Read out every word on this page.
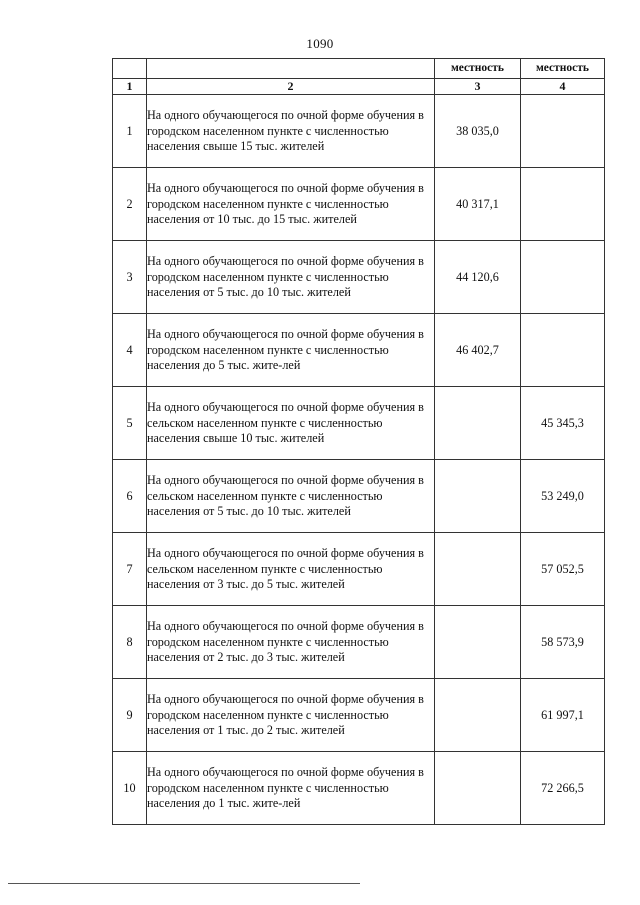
1090
		местность	местность
1	2	3	4
1	На одного обучающегося по очной форме обучения в городском населенном пункте с численностью населения свыше 15 тыс. жителей	38 035,0	
2	На одного обучающегося по очной форме обучения в городском населенном пункте с численностью населения от 10 тыс. до 15 тыс. жителей	40 317,1	
3	На одного обучающегося по очной форме обучения в городском населенном пункте с численностью населения от 5 тыс. до 10 тыс. жителей	44 120,6	
4	На одного обучающегося по очной форме обучения в городском населенном пункте с численностью населения до 5 тыс. жите-лей	46 402,7	
5	На одного обучающегося по очной форме обучения в сельском населенном пункте с численностью населения свыше 10 тыс. жителей		45 345,3
6	На одного обучающегося по очной форме обучения в сельском населенном пункте с численностью населения от 5 тыс. до 10 тыс. жителей		53 249,0
7	На одного обучающегося по очной форме обучения в сельском населенном пункте с численностью населения от 3 тыс. до 5 тыс. жителей		57 052,5
8	На одного обучающегося по очной форме обучения в городском населенном пункте с численностью населения от 2 тыс. до 3 тыс. жителей		58 573,9
9	На одного обучающегося по очной форме обучения в городском населенном пункте с численностью населения от 1 тыс. до 2 тыс. жителей		61 997,1
10	На одного обучающегося по очной форме обучения в городском населенном пункте с численностью населения до 1 тыс. жите-лей		72 266,5
